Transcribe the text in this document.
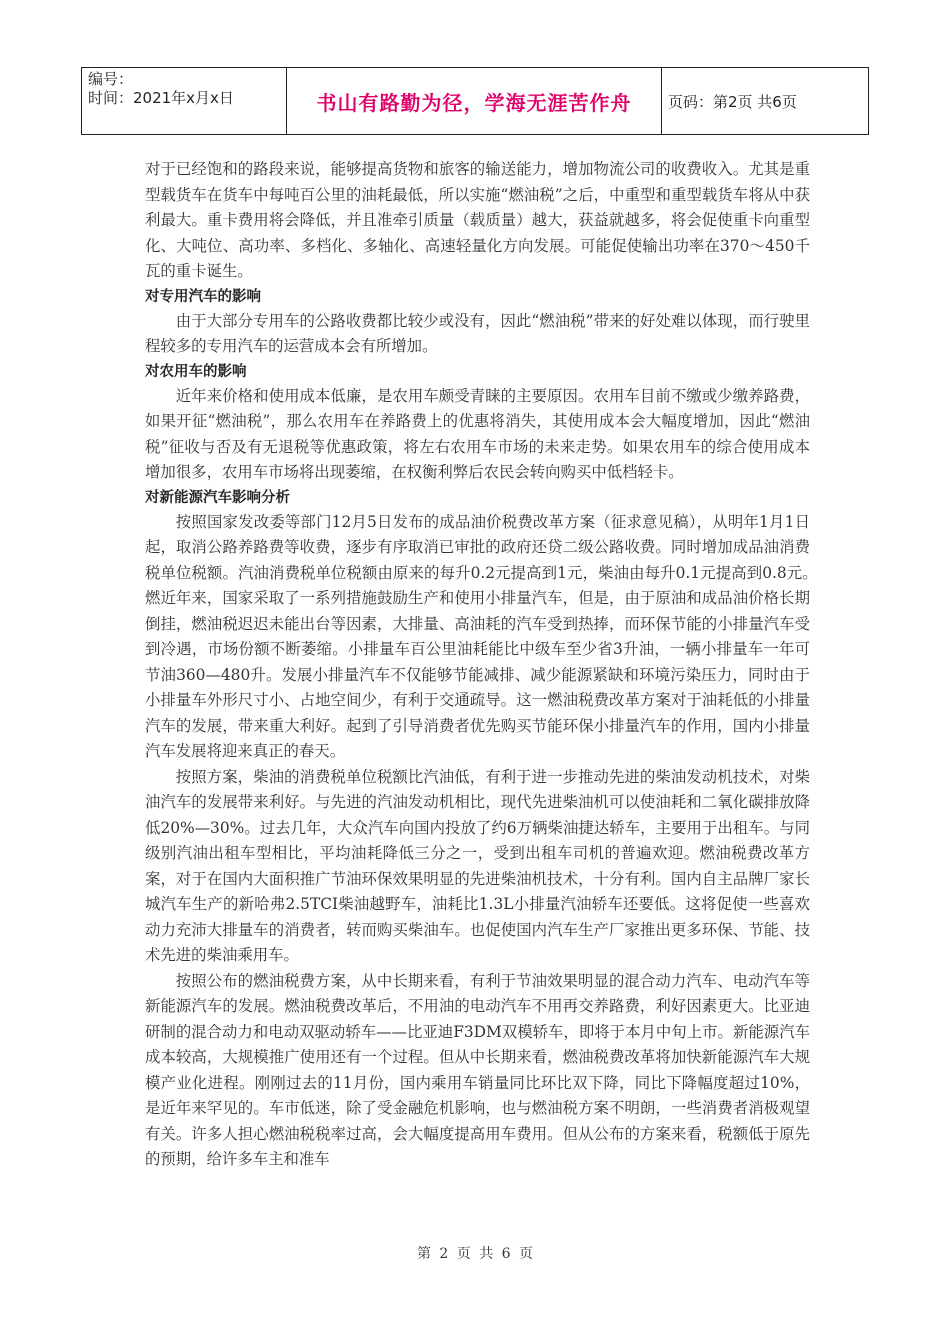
编号：
时间：2021年x月x日	书山有路勤为径，学海无涯苦作舟	页码：第2页 共6页

对于已经饱和的路段来说，能够提高货物和旅客的输送能力，增加物流公司的收费收入。尤其是重型载货车在货车中每吨百公里的油耗最低，所以实施“燃油税”之后，中重型和重型载货车将从中获利最大。重卡费用将会降低，并且准牵引质量（载质量）越大，获益就越多，将会促使重卡向重型化、大吨位、高功率、多档化、多轴化、高速轻量化方向发展。可能促使输出功率在370～450千瓦的重卡诞生。

对专用汽车的影响

由于大部分专用车的公路收费都比较少或没有，因此“燃油税”带来的好处难以体现，而行驶里程较多的专用汽车的运营成本会有所增加。

对农用车的影响

近年来价格和使用成本低廉，是农用车颇受青睐的主要原因。农用车目前不缴或少缴养路费，如果开征“燃油税”，那么农用车在养路费上的优惠将消失，其使用成本会大幅度增加，因此“燃油税”征收与否及有无退税等优惠政策，将左右农用车市场的未来走势。如果农用车的综合使用成本增加很多，农用车市场将出现萎缩，在权衡利弊后农民会转向购买中低档轻卡。

对新能源汽车影响分析

按照国家发改委等部门12月5日发布的成品油价税费改革方案（征求意见稿），从明年1月1日起，取消公路养路费等收费，逐步有序取消已审批的政府还贷二级公路收费。同时增加成品油消费税单位税额。汽油消费税单位税额由原来的每升0.2元提高到1元，柴油由每升0.1元提高到0.8元。　燃近年来，国家采取了一系列措施鼓励生产和使用小排量汽车，但是，由于原油和成品油价格长期倒挂，燃油税迟迟未能出台等因素，大排量、高油耗的汽车受到热捧，而环保节能的小排量汽车受到冷遇，市场份额不断萎缩。小排量车百公里油耗能比中级车至少省3升油，一辆小排量车一年可节油360—480升。发展小排量汽车不仅能够节能减排、减少能源紧缺和环境污染压力，同时由于小排量车外形尺寸小、占地空间少，有利于交通疏导。这一燃油税费改革方案对于油耗低的小排量汽车的发展，带来重大利好。起到了引导消费者优先购买节能环保小排量汽车的作用，国内小排量汽车发展将迎来真正的春天。

按照方案，柴油的消费税单位税额比汽油低，有利于进一步推动先进的柴油发动机技术，对柴油汽车的发展带来利好。与先进的汽油发动机相比，现代先进柴油机可以使油耗和二氧化碳排放降低20%—30%。过去几年，大众汽车向国内投放了约6万辆柴油捷达轿车，主要用于出租车。与同级别汽油出租车型相比，平均油耗降低三分之一，受到出租车司机的普遍欢迎。燃油税费改革方案，对于在国内大面积推广节油环保效果明显的先进柴油机技术，十分有利。国内自主品牌厂家长城汽车生产的新哈弗2.5TCI柴油越野车，油耗比1.3L小排量汽油轿车还要低。这将促使一些喜欢动力充沛大排量车的消费者，转而购买柴油车。也促使国内汽车生产厂家推出更多环保、节能、技术先进的柴油乘用车。

按照公布的燃油税费方案，从中长期来看，有利于节油效果明显的混合动力汽车、电动汽车等新能源汽车的发展。燃油税费改革后，不用油的电动汽车不用再交养路费，利好因素更大。比亚迪研制的混合动力和电动双驱动轿车——比亚迪F3DM双模轿车，即将于本月中旬上市。新能源汽车成本较高，大规模推广使用还有一个过程。但从中长期来看，燃油税费改革将加快新能源汽车大规模产业化进程。刚刚过去的11月份，国内乘用车销量同比环比双下降，同比下降幅度超过10%，是近年来罕见的。车市低迷，除了受金融危机影响，也与燃油税方案不明朗，一些消费者消极观望有关。许多人担心燃油税税率过高，会大幅度提高用车费用。但从公布的方案来看，税额低于原先的预期，给许多车主和准车

第 2 页 共 6 页
